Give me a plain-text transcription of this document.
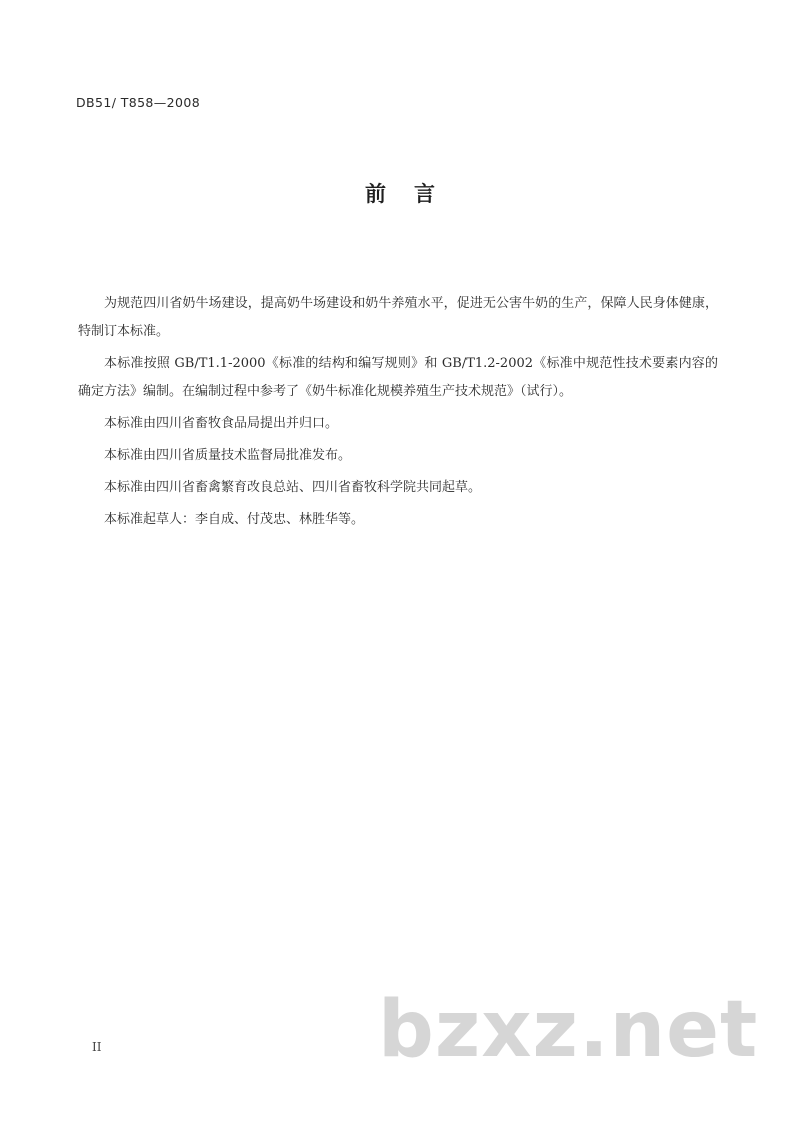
DB51/ T858—2008
前言

为规范四川省奶牛场建设，提高奶牛场建设和奶牛养殖水平，促进无公害牛奶的生产，保障人民身体健康，特制订本标准。

本标准按照 GB/T1.1-2000《标准的结构和编写规则》和 GB/T1.2-2002《标准中规范性技术要素内容的确定方法》编制。在编制过程中参考了《奶牛标准化规模养殖生产技术规范》（试行）。

本标准由四川省畜牧食品局提出并归口。

本标准由四川省质量技术监督局批准发布。

本标准由四川省畜禽繁育改良总站、四川省畜牧科学院共同起草。

本标准起草人：李自成、付茂忠、林胜华等。

II	bzxz.net
